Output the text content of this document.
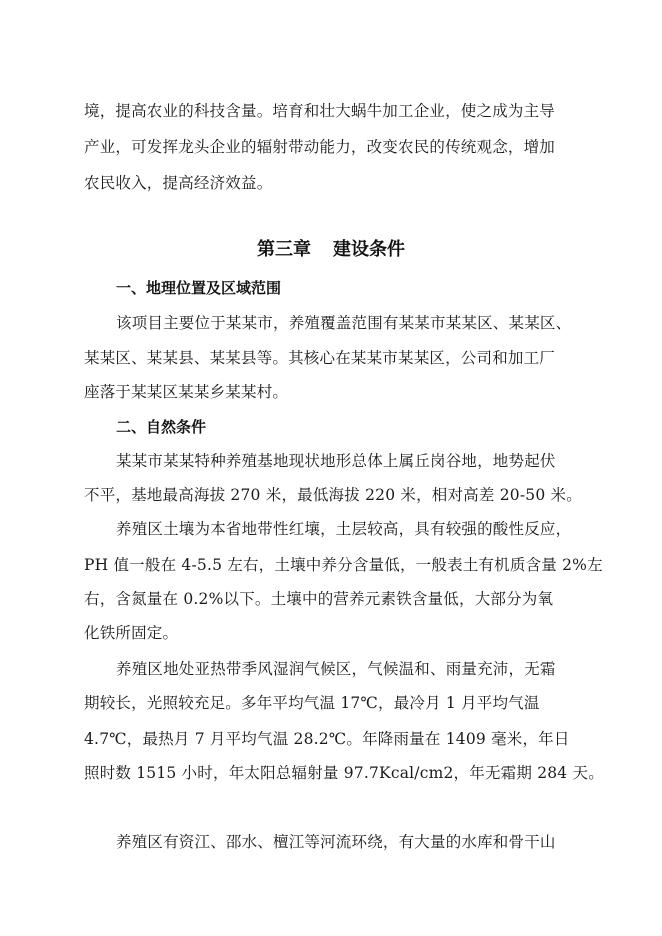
境，提高农业的科技含量。培育和壮大蜗牛加工企业，使之成为主导
产业，可发挥龙头企业的辐射带动能力，改变农民的传统观念，增加
农民收入，提高经济效益。
第三章 建设条件
一、地理位置及区域范围
该项目主要位于某某市，养殖覆盖范围有某某市某某区、某某区、
某某区、某某县、某某县等。其核心在某某市某某区，公司和加工厂
座落于某某区某某乡某某村。
二、自然条件
某某市某某特种养殖基地现状地形总体上属丘岗谷地，地势起伏
不平，基地最高海拔 270 米，最低海拔 220 米，相对高差 20-50 米。
养殖区土壤为本省地带性红壤，土层较高，具有较强的酸性反应，
PH 值一般在 4-5.5 左右，土壤中养分含量低，一般表土有机质含量 2%左
右，含氮量在 0.2%以下。土壤中的营养元素铁含量低，大部分为氧
化铁所固定。
养殖区地处亚热带季风湿润气候区，气候温和、雨量充沛，无霜
期较长，光照较充足。多年平均气温 17℃，最冷月 1 月平均气温
4.7℃，最热月 7 月平均气温 28.2℃。年降雨量在 1409 毫米，年日
照时数 1515 小时，年太阳总辐射量 97.7Kcal/cm2，年无霜期 284 天。
养殖区有资江、邵水、檀江等河流环绕，有大量的水库和骨干山
